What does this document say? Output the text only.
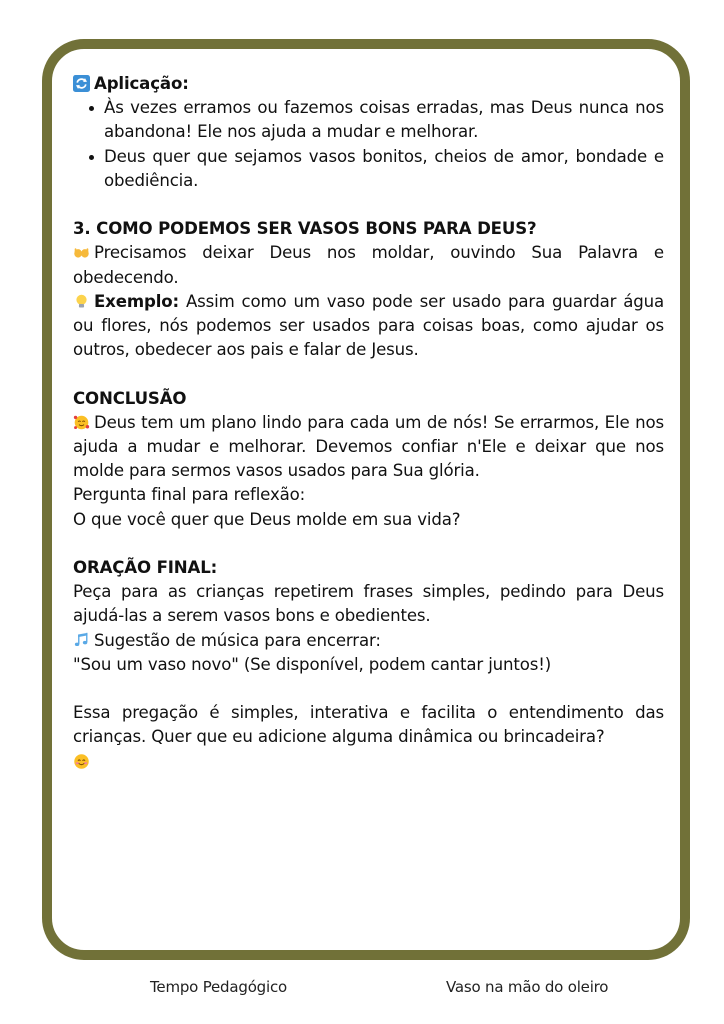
Aplicação:

Às vezes erramos ou fazemos coisas erradas, mas Deus nunca nos abandona! Ele nos ajuda a mudar e melhorar.
Deus quer que sejamos vasos bonitos, cheios de amor, bondade e obediência.

3. COMO PODEMOS SER VASOS BONS PARA DEUS?

Precisamos deixar Deus nos moldar, ouvindo Sua Palavra e obedecendo.

Exemplo: Assim como um vaso pode ser usado para guardar água ou flores, nós podemos ser usados para coisas boas, como ajudar os outros, obedecer aos pais e falar de Jesus.

CONCLUSÃO

Deus tem um plano lindo para cada um de nós! Se errarmos, Ele nos ajuda a mudar e melhorar. Devemos confiar n'Ele e deixar que nos molde para sermos vasos usados para Sua glória.

Pergunta final para reflexão:

O que você quer que Deus molde em sua vida?

ORAÇÃO FINAL:

Peça para as crianças repetirem frases simples, pedindo para Deus ajudá-las a serem vasos bons e obedientes.

Sugestão de música para encerrar:

"Sou um vaso novo" (Se disponível, podem cantar juntos!)

Essa pregação é simples, interativa e facilita o entendimento das crianças. Quer que eu adicione alguma dinâmica ou brincadeira?

Tempo Pedagógico	Vaso na mão do oleiro
